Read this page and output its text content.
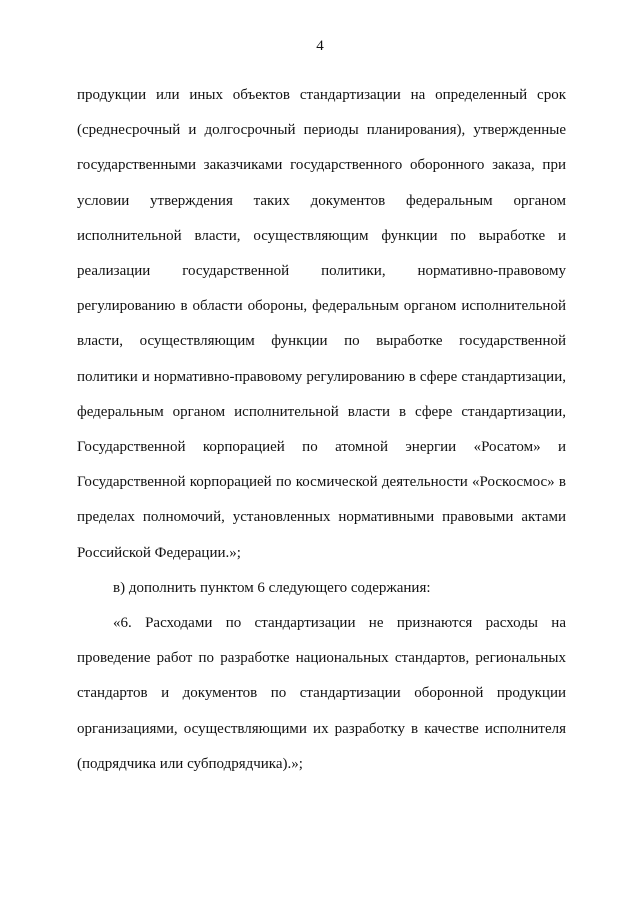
4

продукции или иных объектов стандартизации на определенный срок (среднесрочный и долгосрочный периоды планирования), утвержденные государственными заказчиками государственного оборонного заказа, при условии утверждения таких документов федеральным органом исполнительной власти, осуществляющим функции по выработке и реализации государственной политики, нормативно-правовому регулированию в области обороны, федеральным органом исполнительной власти, осуществляющим функции по выработке государственной политики и нормативно-правовому регулированию в сфере стандартизации, федеральным органом исполнительной власти в сфере стандартизации, Государственной корпорацией по атомной энергии «Росатом» и Государственной корпорацией по космической деятельности «Роскосмос» в пределах полномочий, установленных нормативными правовыми актами Российской Федерации.»;

в) дополнить пунктом 6 следующего содержания:

«6. Расходами по стандартизации не признаются расходы на проведение работ по разработке национальных стандартов, региональных стандартов и документов по стандартизации оборонной продукции организациями, осуществляющими их разработку в качестве исполнителя (подрядчика или субподрядчика).»;
